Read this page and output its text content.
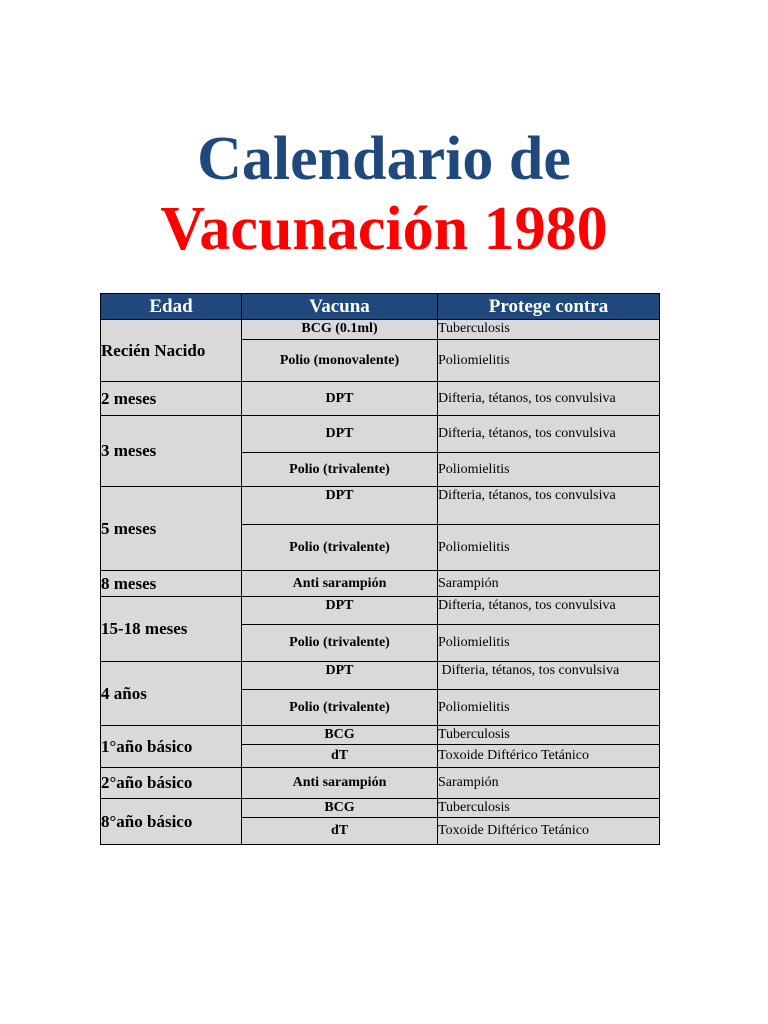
Calendario de
Vacunación 1980
Edad	Vacuna	Protege contra
Recién Nacido	BCG (0.1ml)	Tuberculosis
	Polio (monovalente)	Poliomielitis
2 meses	DPT	Difteria, tétanos, tos convulsiva
3 meses	DPT	Difteria, tétanos, tos convulsiva
	Polio (trivalente)	Poliomielitis
5 meses	DPT	Difteria, tétanos, tos convulsiva
	Polio (trivalente)	Poliomielitis
8 meses	Anti sarampión	Sarampión
15-18 meses	DPT	Difteria, tétanos, tos convulsiva
	Polio (trivalente)	Poliomielitis
4 años	DPT	Difteria, tétanos, tos convulsiva
	Polio (trivalente)	Poliomielitis
1°año básico	BCG	Tuberculosis
	dT	Toxoide Diftérico Tetánico
2°año básico	Anti sarampión	Sarampión
8°año básico	BCG	Tuberculosis
	dT	Toxoide Diftérico Tetánico
